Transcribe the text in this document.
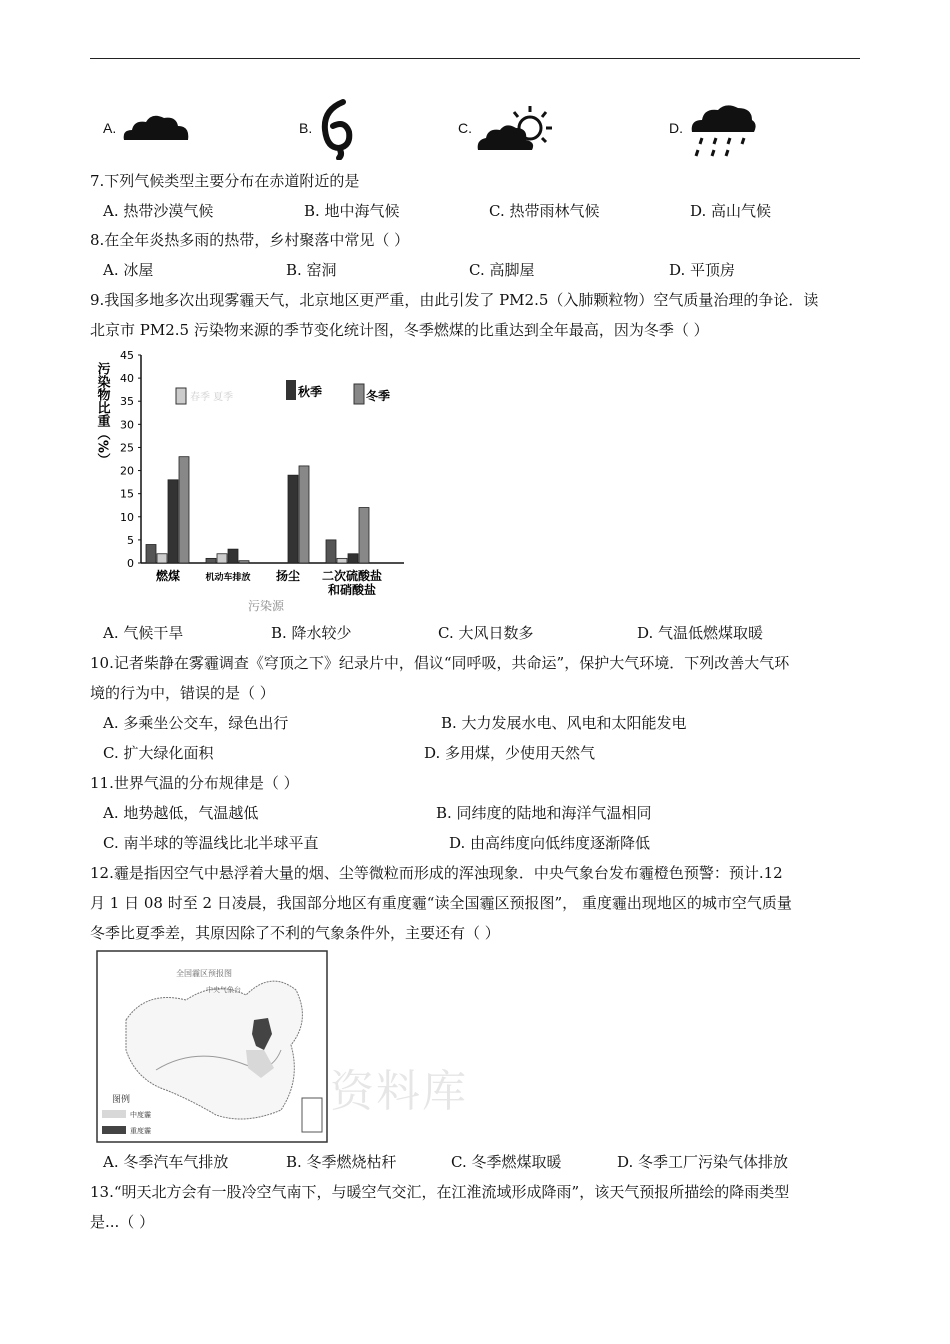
A.	B.	C.	D.
7.下列气候类型主要分布在赤道附近的是
A. 热带沙漠气候	B. 地中海气候	C. 热带雨林气候	D. 高山气候
8.在全年炎热多雨的热带，乡村聚落中常见（ ）
A. 冰屋	B. 窑洞	C. 高脚屋	D. 平顶房
9.我国多地多次出现雾霾天气，北京地区更严重，由此引发了 PM2.5（入肺颗粒物）空气质量治理的争论．读
北京市 PM2.5 污染物来源的季节变化统计图，冬季燃煤的比重达到全年最高，因为冬季（ ）
污染物比重（%）
45
40
35
30
25
20
15
10
5
0
燃煤	机动车排放 扬尘 二次硫酸盐和硝酸盐
春季 夏季	秋季	冬季
污染源
A. 气候干旱	B. 降水较少	C. 大风日数多	D. 气温低燃煤取暖
10.记者柴静在雾霾调查《穹顶之下》纪录片中，倡议“同呼吸，共命运”，保护大气环境．下列改善大气环
境的行为中，错误的是（ ）
A. 多乘坐公交车，绿色出行	B. 大力发展水电、风电和太阳能发电
C. 扩大绿化面积	D. 多用煤，少使用天然气
11.世界气温的分布规律是（ ）
A. 地势越低，气温越低	B. 同纬度的陆地和海洋气温相同
C. 南半球的等温线比北半球平直	D. 由高纬度向低纬度逐渐降低
12.霾是指因空气中悬浮着大量的烟、尘等微粒而形成的浑浊现象．中央气象台发布霾橙色预警：预计.12
月 1 日 08 时至 2 日凌晨，我国部分地区有重度霾“读全国霾区预报图”， 重度霾出现地区的城市空气质量
冬季比夏季差，其原因除了不利的气象条件外，主要还有（ ）
全国霾区预报图
中央气象台
图例
中度霾
重度霾
资料库
A. 冬季汽车气排放	B. 冬季燃烧枯秆	C. 冬季燃煤取暖	D. 冬季工厂污染气体排放
13.“明天北方会有一股冷空气南下，与暖空气交汇，在江淮流域形成降雨”，该天气预报所描绘的降雨类型
是...（ ）
